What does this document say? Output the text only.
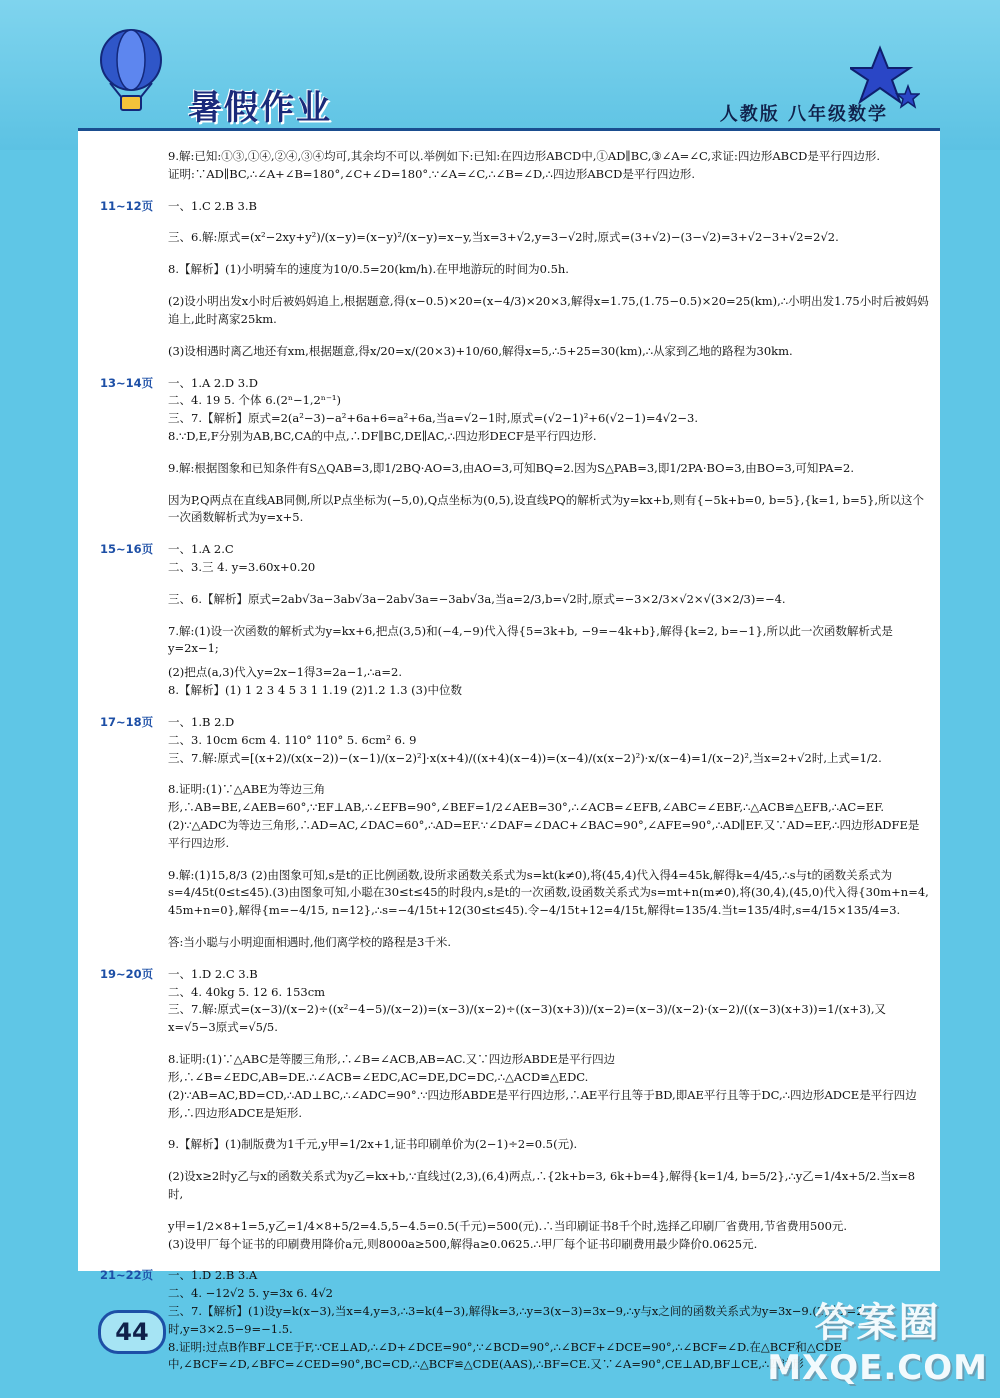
暑假作业	人教版 八年级数学
9.解:已知:①③,①④,②④,③④均可,其余均不可以.举例如下:已知:在四边形ABCD中,①AD∥BC,③∠A=∠C,求证:四边形ABCD是平行四边形.
证明:∵AD∥BC,∴∠A+∠B=180°,∠C+∠D=180°.∵∠A=∠C,∴∠B=∠D,∴四边形ABCD是平行四边形.
11~12页	一、1.C 2.B 3.B
三、6.解:原式=(x²−2xy+y²)/(x−y)=(x−y)²/(x−y)=x−y,当x=3+√2,y=3−√2时,原式=(3+√2)−(3−√2)=3+√2−3+√2=2√2.
8.【解析】(1)小明骑车的速度为10/0.5=20(km/h).在甲地游玩的时间为0.5h.
(2)设小明出发x小时后被妈妈追上,根据题意,得(x−0.5)×20=(x−4/3)×20×3,解得x=1.75,(1.75−0.5)×20=25(km),∴小明出发1.75小时后被妈妈追上,此时离家25km.
(3)设相遇时离乙地还有xm,根据题意,得x/20=x/(20×3)+10/60,解得x=5,∴5+25=30(km),∴从家到乙地的路程为30km.
13~14页	一、1.A 2.D 3.D
二、4. 19 5. 个体 6.(2ⁿ−1,2ⁿ⁻¹)
三、7.【解析】原式=2(a²−3)−a²+6a+6=a²+6a,当a=√2−1时,原式=(√2−1)²+6(√2−1)=4√2−3.
8.∵D,E,F分别为AB,BC,CA的中点,∴DF∥BC,DE∥AC,∴四边形DECF是平行四边形.
9.解:根据图象和已知条件有S△QAB=3,即1/2BQ·AO=3,由AO=3,可知BQ=2.因为S△PAB=3,即1/2PA·BO=3,由BO=3,可知PA=2.
因为P,Q两点在直线AB同侧,所以P点坐标为(−5,0),Q点坐标为(0,5),设直线PQ的解析式为y=kx+b,则有{−5k+b=0, b=5},{k=1, b=5},所以这个一次函数解析式为y=x+5.
15~16页	一、1.A 2.C
二、3.三 4. y=3.60x+0.20
三、6.【解析】原式=2ab√3a−3ab√3a−2ab√3a=−3ab√3a,当a=2/3,b=√2时,原式=−3×2/3×√2×√(3×2/3)=−4.
7.解:(1)设一次函数的解析式为y=kx+6,把点(3,5)和(−4,−9)代入得{5=3k+b, −9=−4k+b},解得{k=2, b=−1},所以此一次函数解析式是y=2x−1;
(2)把点(a,3)代入y=2x−1得3=2a−1,∴a=2.
8.【解析】(1) 1 2 3 4 5 3 1 1.19 (2)1.2 1.3 (3)中位数
17~18页	一、1.B 2.D
二、3. 10cm 6cm 4. 110° 110° 5. 6cm² 6. 9
三、7.解:原式=[(x+2)/(x(x−2))−(x−1)/(x−2)²]·x(x+4)/((x+4)(x−4))=(x−4)/(x(x−2)²)·x/(x−4)=1/(x−2)²,当x=2+√2时,上式=1/2.
8.证明:(1)∵△ABE为等边三角形,∴AB=BE,∠AEB=60°,∵EF⊥AB,∴∠EFB=90°,∠BEF=1/2∠AEB=30°,∴∠ACB=∠EFB,∠ABC=∠EBF,∴△ACB≌△EFB,∴AC=EF.
(2)∵△ADC为等边三角形,∴AD=AC,∠DAC=60°,∴AD=EF.∵∠DAF=∠DAC+∠BAC=90°,∠AFE=90°,∴AD∥EF.又∵AD=EF,∴四边形ADFE是平行四边形.
9.解:(1)15,8/3 (2)由图象可知,s是t的正比例函数,设所求函数关系式为s=kt(k≠0),将(45,4)代入得4=45k,解得k=4/45,∴s与t的函数关系式为s=4/45t(0≤t≤45).(3)由图象可知,小聪在30≤t≤45的时段内,s是t的一次函数,设函数关系式为s=mt+n(m≠0),将(30,4),(45,0)代入得{30m+n=4, 45m+n=0},解得{m=−4/15, n=12},∴s=−4/15t+12(30≤t≤45).令−4/15t+12=4/15t,解得t=135/4.当t=135/4时,s=4/15×135/4=3.
答:当小聪与小明迎面相遇时,他们离学校的路程是3千米.
19~20页	一、1.D 2.C 3.B
二、4. 40kg 5. 12 6. 153cm
三、7.解:原式=(x−3)/(x−2)÷((x²−4−5)/(x−2))=(x−3)/(x−2)÷((x−3)(x+3))/(x−2)=(x−3)/(x−2)·(x−2)/((x−3)(x+3))=1/(x+3),又x=√5−3原式=√5/5.
8.证明:(1)∵△ABC是等腰三角形,∴∠B=∠ACB,AB=AC.又∵四边形ABDE是平行四边形,∴∠B=∠EDC,AB=DE.∴∠ACB=∠EDC,AC=DE,DC=DC,∴△ACD≌△EDC.
(2)∵AB=AC,BD=CD,∴AD⊥BC,∴∠ADC=90°.∵四边形ABDE是平行四边形,∴AE平行且等于BD,即AE平行且等于DC,∴四边形ADCE是平行四边形,∴四边形ADCE是矩形.
9.【解析】(1)制版费为1千元,y甲=1/2x+1,证书印刷单价为(2−1)÷2=0.5(元).
(2)设x≥2时y乙与x的函数关系式为y乙=kx+b,∵直线过(2,3),(6,4)两点,∴{2k+b=3, 6k+b=4},解得{k=1/4, b=5/2},∴y乙=1/4x+5/2.当x=8时,
y甲=1/2×8+1=5,y乙=1/4×8+5/2=4.5,5−4.5=0.5(千元)=500(元).∴当印刷证书8千个时,选择乙印刷厂省费用,节省费用500元.
(3)设甲厂每个证书的印刷费用降价a元,则8000a≥500,解得a≥0.0625.∴甲厂每个证书印刷费用最少降价0.0625元.
21~22页	一、1.D 2.B 3.A
二、4. −12√2 5. y=3x 6. 4√2
三、7.【解析】(1)设y=k(x−3),当x=4,y=3,∴3=k(4−3),解得k=3,∴y=3(x−3)=3x−9,∴y与x之间的函数关系式为y=3x−9.(2)当x=2.5时,y=3×2.5−9=−1.5.
8.证明:过点B作BF⊥CE于F,∵CE⊥AD,∴∠D+∠DCE=90°,∵∠BCD=90°,∴∠BCF+∠DCE=90°,∴∠BCF=∠D.在△BCF和△CDE中,∠BCF=∠D,∠BFC=∠CED=90°,BC=CD,∴△BCF≌△CDE(AAS),∴BF=CE.又∵∠A=90°,CE⊥AD,BF⊥CE,∴四边形
44	答案圈
MXQE.COM
